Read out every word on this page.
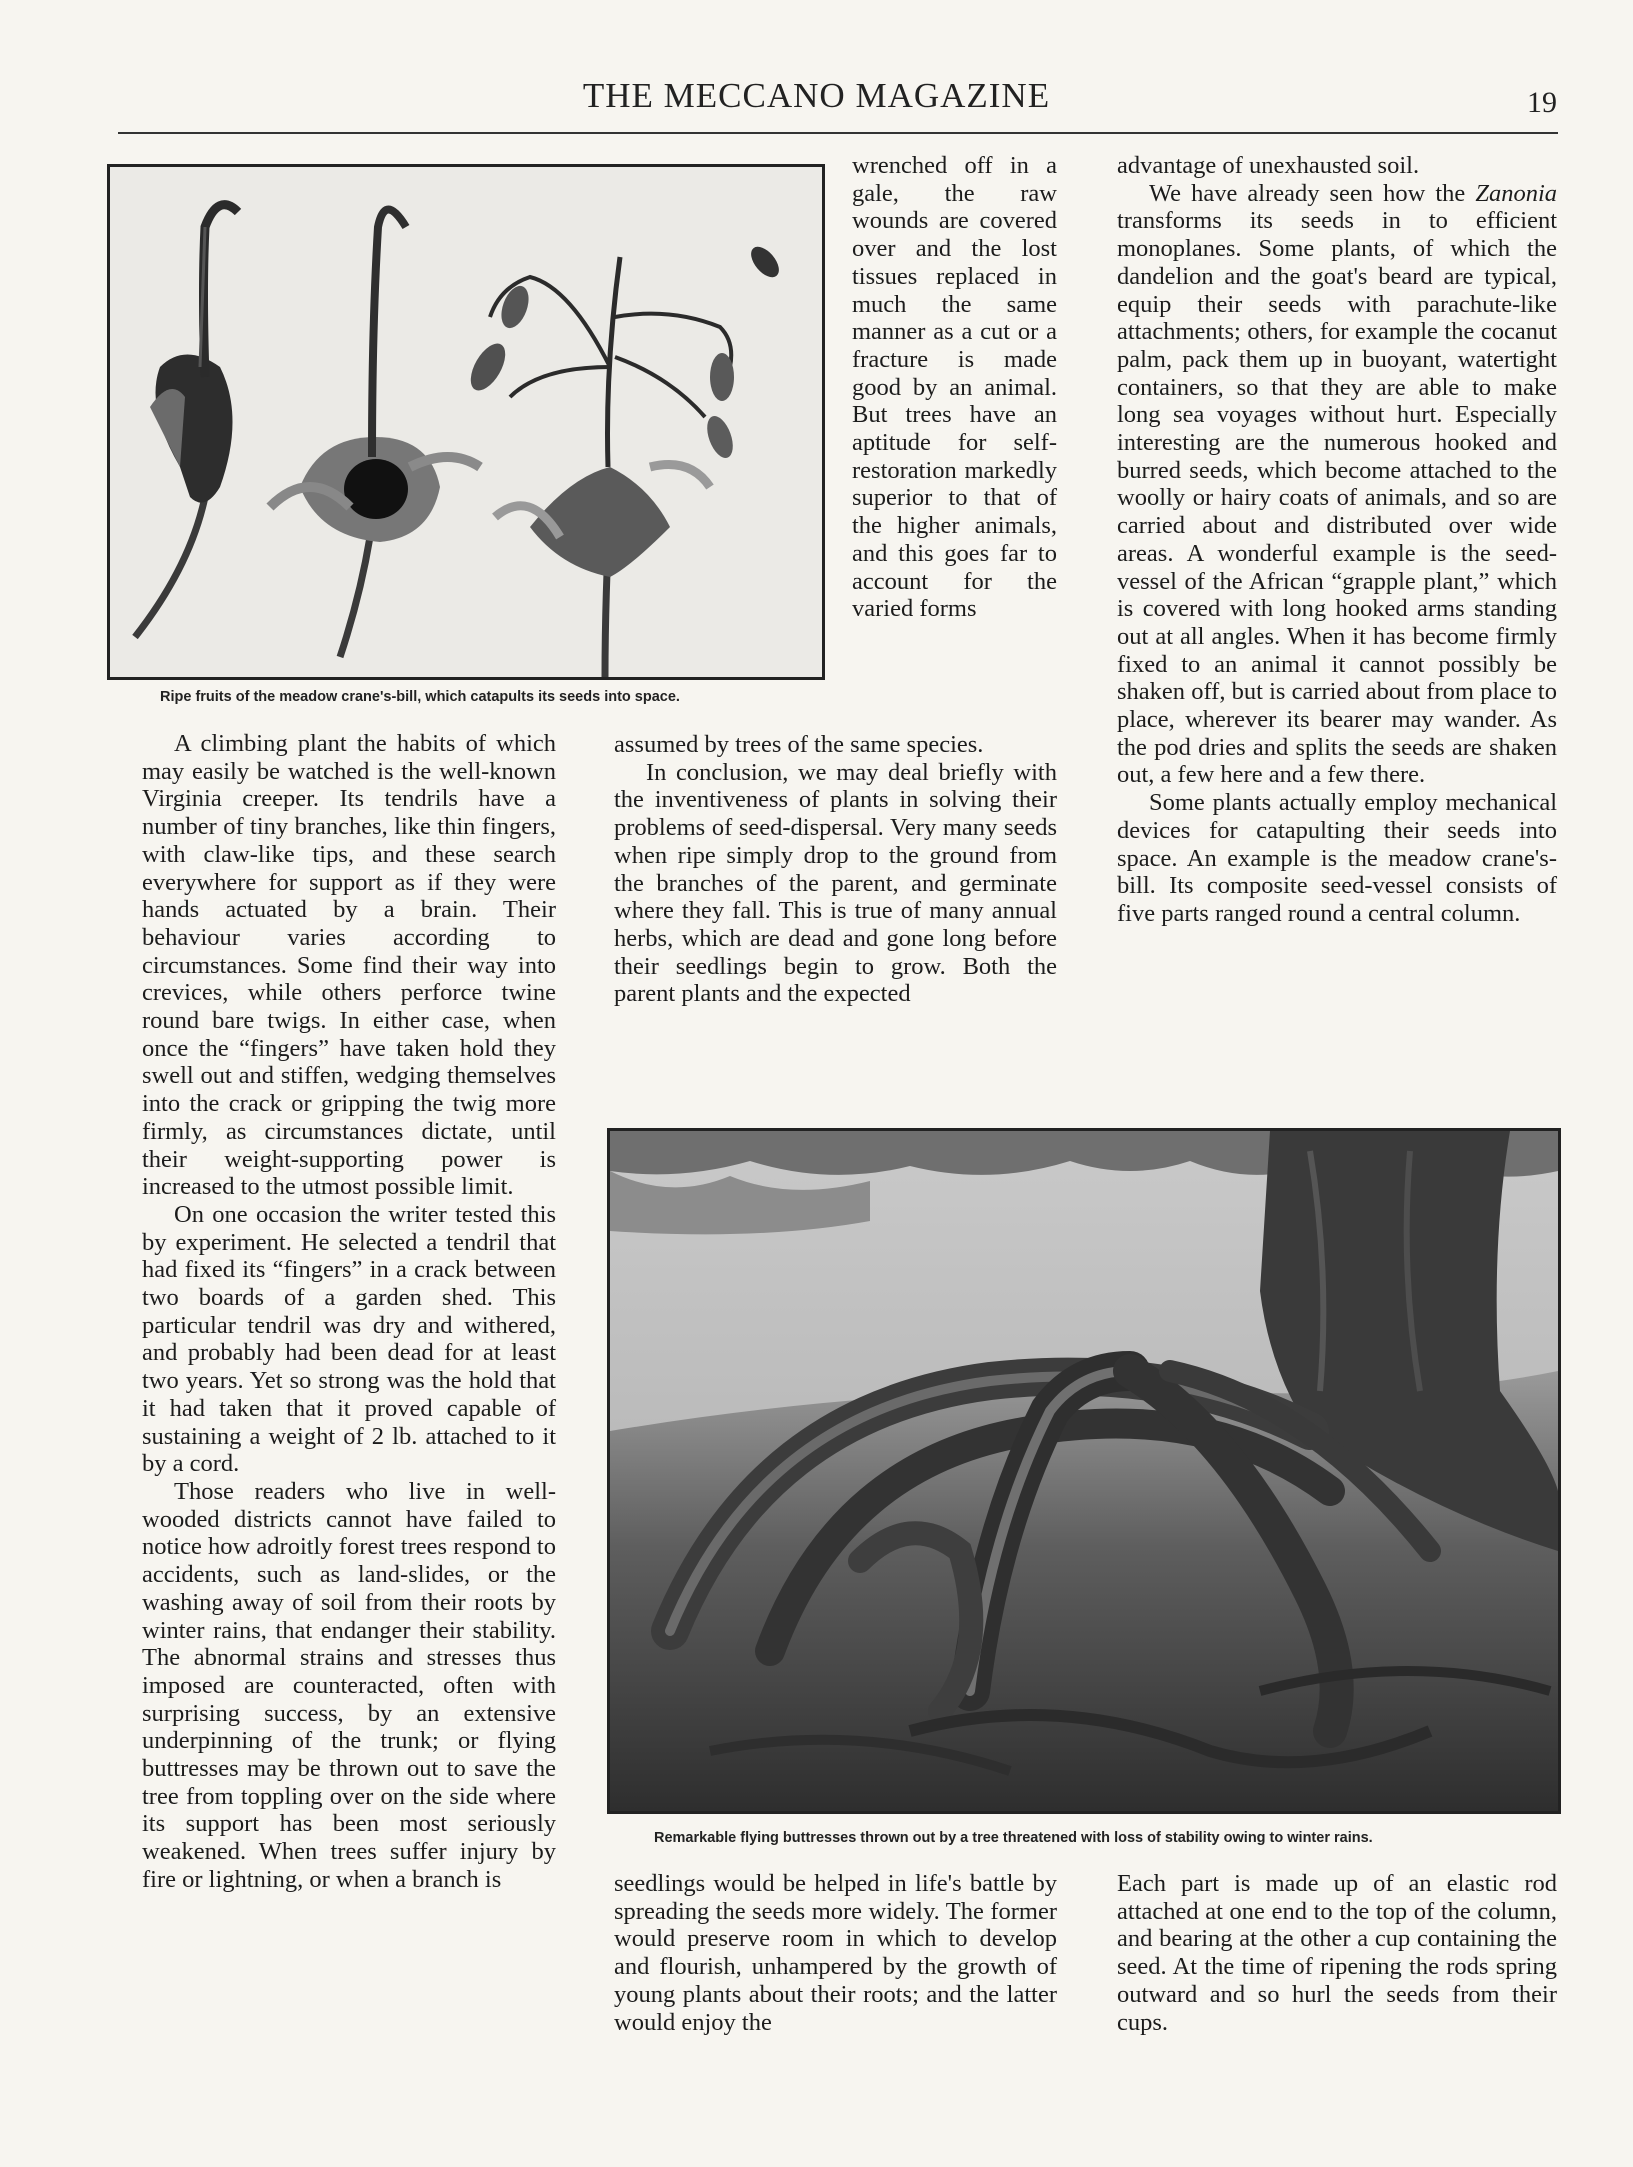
THE MECCANO MAGAZINE	19
Ripe fruits of the meadow crane's-bill, which catapults its seeds into space.

wrenched off in a gale, the raw wounds are covered over and the lost tissues replaced in much the same manner as a cut or a fracture is made good by an animal. But trees have an aptitude for self-restoration markedly superior to that of the higher animals, and this goes far to account for the varied forms

A climbing plant the habits of which may easily be watched is the well-known Virginia creeper. Its tendrils have a number of tiny branches, like thin fingers, with claw-like tips, and these search everywhere for support as if they were hands actuated by a brain. Their behaviour varies according to circumstances. Some find their way into crevices, while others perforce twine round bare twigs. In either case, when once the “fingers” have taken hold they swell out and stiffen, wedging themselves into the crack or gripping the twig more firmly, as circumstances dictate, until their weight-supporting power is increased to the utmost possible limit.

On one occasion the writer tested this by experiment. He selected a tendril that had fixed its “fingers” in a crack between two boards of a garden shed. This particular tendril was dry and withered, and probably had been dead for at least two years. Yet so strong was the hold that it had taken that it proved capable of sustaining a weight of 2 lb. attached to it by a cord.

Those readers who live in well-wooded districts cannot have failed to notice how adroitly forest trees respond to accidents, such as land-slides, or the washing away of soil from their roots by winter rains, that endanger their stability. The abnormal strains and stresses thus imposed are counteracted, often with surprising success, by an extensive underpinning of the trunk; or flying buttresses may be thrown out to save the tree from toppling over on the side where its support has been most seriously weakened. When trees suffer injury by fire or lightning, or when a branch is

assumed by trees of the same species.

In conclusion, we may deal briefly with the inventiveness of plants in solving their problems of seed-dispersal. Very many seeds when ripe simply drop to the ground from the branches of the parent, and germinate where they fall. This is true of many annual herbs, which are dead and gone long before their seedlings begin to grow. Both the parent plants and the expected

advantage of unexhausted soil.

We have already seen how the Zanonia transforms its seeds in to efficient monoplanes. Some plants, of which the dandelion and the goat's beard are typical, equip their seeds with parachute-like attachments; others, for example the cocanut palm, pack them up in buoyant, watertight containers, so that they are able to make long sea voyages without hurt. Especially interesting are the numerous hooked and burred seeds, which become attached to the woolly or hairy coats of animals, and so are carried about and distributed over wide areas. A wonderful example is the seed-vessel of the African “grapple plant,” which is covered with long hooked arms standing out at all angles. When it has become firmly fixed to an animal it cannot possibly be shaken off, but is carried about from place to place, wherever its bearer may wander. As the pod dries and splits the seeds are shaken out, a few here and a few there.

Some plants actually employ mechanical devices for catapulting their seeds into space. An example is the meadow crane's-bill. Its composite seed-vessel consists of five parts ranged round a central column.

Remarkable flying buttresses thrown out by a tree threatened with loss of stability owing to winter rains.

seedlings would be helped in life's battle by spreading the seeds more widely. The former would preserve room in which to develop and flourish, unhampered by the growth of young plants about their roots; and the latter would enjoy the

Each part is made up of an elastic rod attached at one end to the top of the column, and bearing at the other a cup containing the seed. At the time of ripening the rods spring outward and so hurl the seeds from their cups.
